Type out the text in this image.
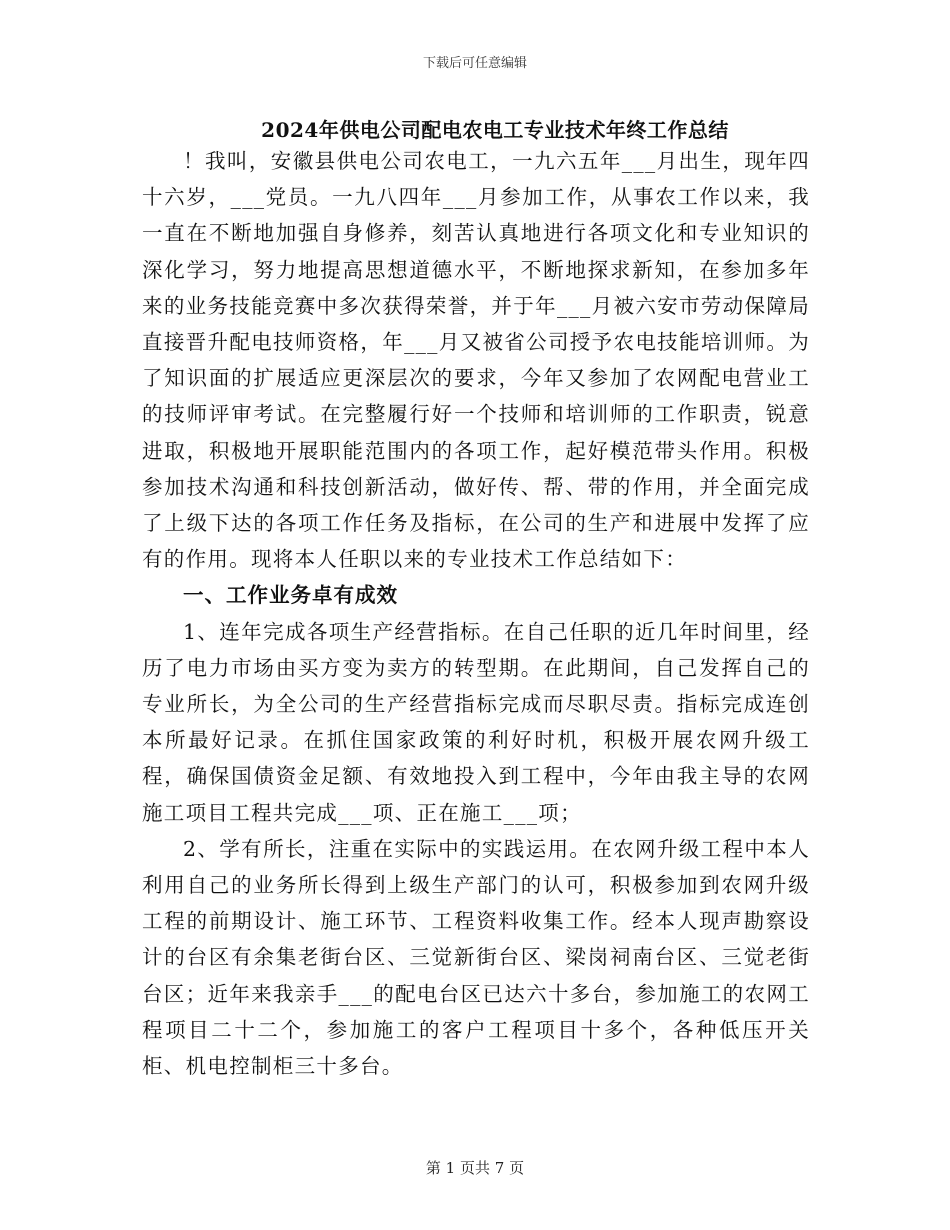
下载后可任意编辑
2024年供电公司配电农电工专业技术年终工作总结

！我叫，安徽县供电公司农电工，一九六五年___月出生，现年四十六岁，___党员。一九八四年___月参加工作，从事农工作以来，我一直在不断地加强自身修养，刻苦认真地进行各项文化和专业知识的深化学习，努力地提高思想道德水平，不断地探求新知，在参加多年来的业务技能竞赛中多次获得荣誉，并于年___月被六安市劳动保障局直接晋升配电技师资格，年___月又被省公司授予农电技能培训师。为了知识面的扩展适应更深层次的要求，今年又参加了农网配电营业工的技师评审考试。在完整履行好一个技师和培训师的工作职责，锐意进取，积极地开展职能范围内的各项工作，起好模范带头作用。积极参加技术沟通和科技创新活动，做好传、帮、带的作用，并全面完成了上级下达的各项工作任务及指标，在公司的生产和进展中发挥了应有的作用。现将本人任职以来的专业技术工作总结如下：

一、工作业务卓有成效

1、连年完成各项生产经营指标。在自己任职的近几年时间里，经历了电力市场由买方变为卖方的转型期。在此期间，自己发挥自己的专业所长，为全公司的生产经营指标完成而尽职尽责。指标完成连创本所最好记录。在抓住国家政策的利好时机，积极开展农网升级工程，确保国债资金足额、有效地投入到工程中，今年由我主导的农网施工项目工程共完成___项、正在施工___项；

2、学有所长，注重在实际中的实践运用。在农网升级工程中本人利用自己的业务所长得到上级生产部门的认可，积极参加到农网升级工程的前期设计、施工环节、工程资料收集工作。经本人现声勘察设计的台区有余集老街台区、三觉新街台区、梁岗祠南台区、三觉老街台区；近年来我亲手___的配电台区已达六十多台，参加施工的农网工程项目二十二个，参加施工的客户工程项目十多个，各种低压开关柜、机电控制柜三十多台。

第 1 页共 7 页
